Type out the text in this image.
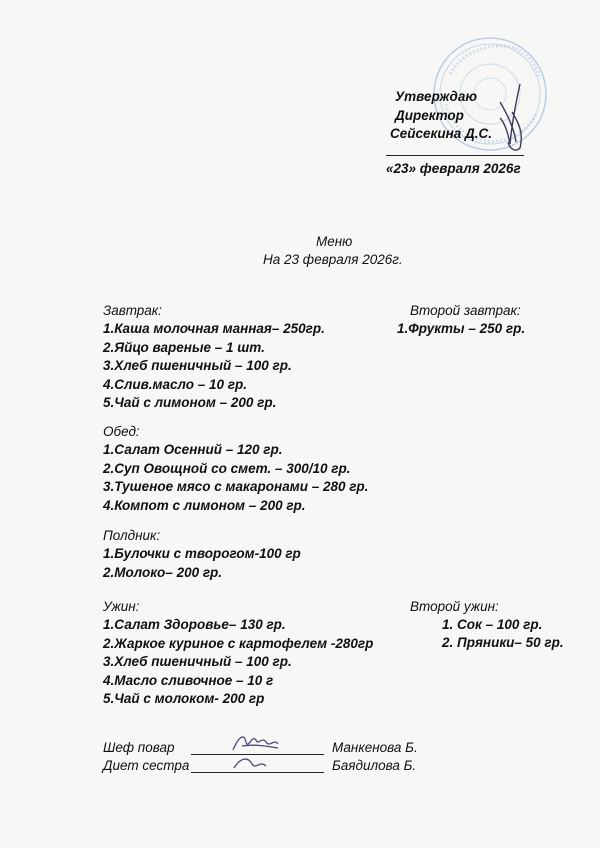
Утверждаю
Директор
Сейсекина Д.С.
«23» февраля 2026г
Меню
На 23 февраля 2026г.
Завтрак:
1.Каша молочная манная– 250гр.
2.Яйцо вареные – 1 шт.
3.Хлеб пшеничный – 100 гр.
4.Слив.масло – 10 гр.
5.Чай с лимоном – 200 гр.
Второй завтрак:
1.Фрукты – 250 гр.
Обед:
1.Салат Осенний – 120 гр.
2.Суп Овощной со смет. – 300/10 гр.
3.Тушеное мясо с макаронами – 280 гр.
4.Компот с лимоном – 200 гр.
Полдник:
1.Булочки с творогом-100 гр
2.Молоко– 200 гр.
Ужин:
1.Салат Здоровье– 130 гр.
2.Жаркое куриное с картофелем -280гр
3.Хлеб пшеничный – 100 гр.
4.Масло сливочное – 10 г
5.Чай с молоком- 200 гр
Второй ужин:
1. Сок – 100 гр.
2. Пряники– 50 гр.
Шеф повар	Манкенова Б.
Диет сестра	Баядилова Б.
